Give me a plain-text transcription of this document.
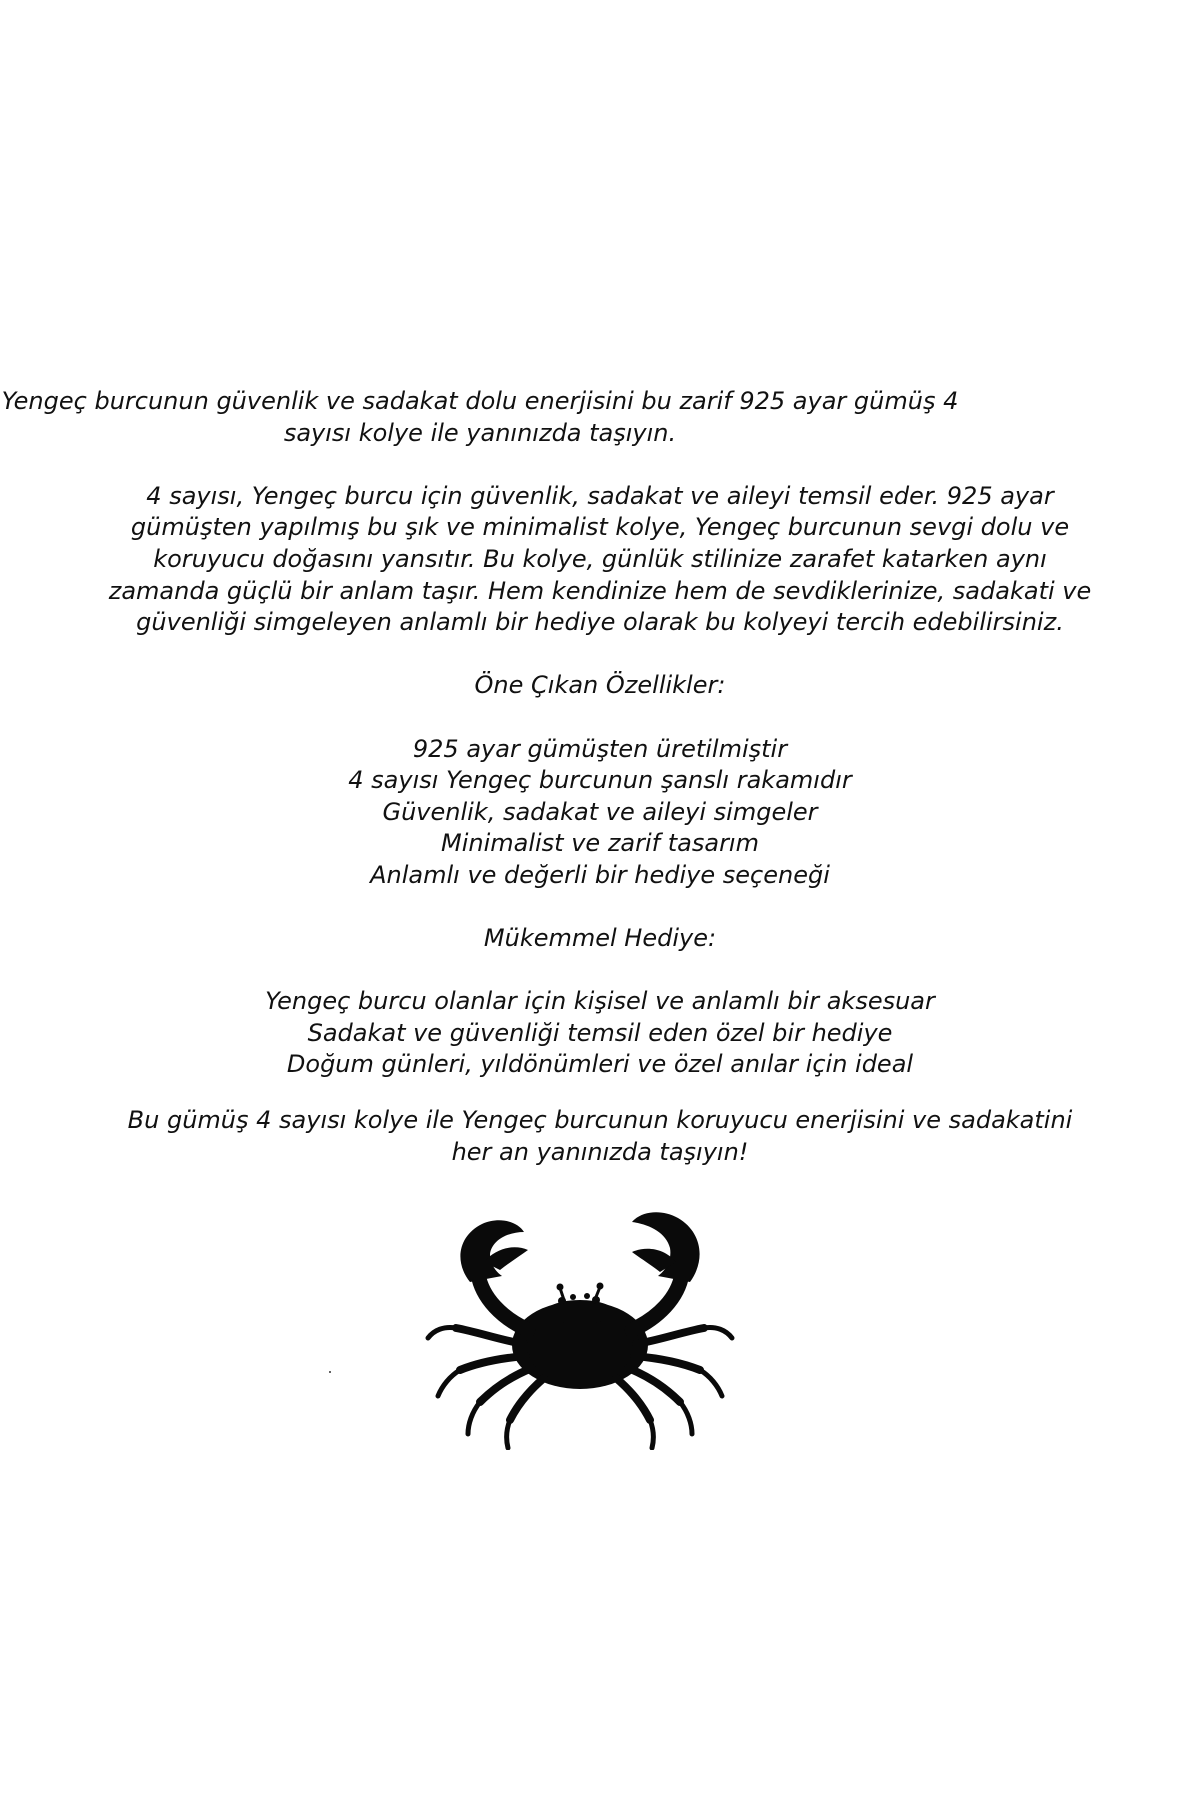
Yengeç burcunun güvenlik ve sadakat dolu enerjisini bu zarif 925 ayar gümüş 4 sayısı kolye ile yanınızda taşıyın.

4 sayısı, Yengeç burcu için güvenlik, sadakat ve aileyi temsil eder. 925 ayar gümüşten yapılmış bu şık ve minimalist kolye, Yengeç burcunun sevgi dolu ve koruyucu doğasını yansıtır. Bu kolye, günlük stilinize zarafet katarken aynı zamanda güçlü bir anlam taşır. Hem kendinize hem de sevdiklerinize, sadakati ve güvenliği simgeleyen anlamlı bir hediye olarak bu kolyeyi tercih edebilirsiniz.

Öne Çıkan Özellikler:

925 ayar gümüşten üretilmiştir
4 sayısı Yengeç burcunun şanslı rakamıdır
Güvenlik, sadakat ve aileyi simgeler
Minimalist ve zarif tasarım
Anlamlı ve değerli bir hediye seçeneği

Mükemmel Hediye:

Yengeç burcu olanlar için kişisel ve anlamlı bir aksesuar
Sadakat ve güvenliği temsil eden özel bir hediye
Doğum günleri, yıldönümleri ve özel anılar için ideal

Bu gümüş 4 sayısı kolye ile Yengeç burcunun koruyucu enerjisini ve sadakatini her an yanınızda taşıyın!
